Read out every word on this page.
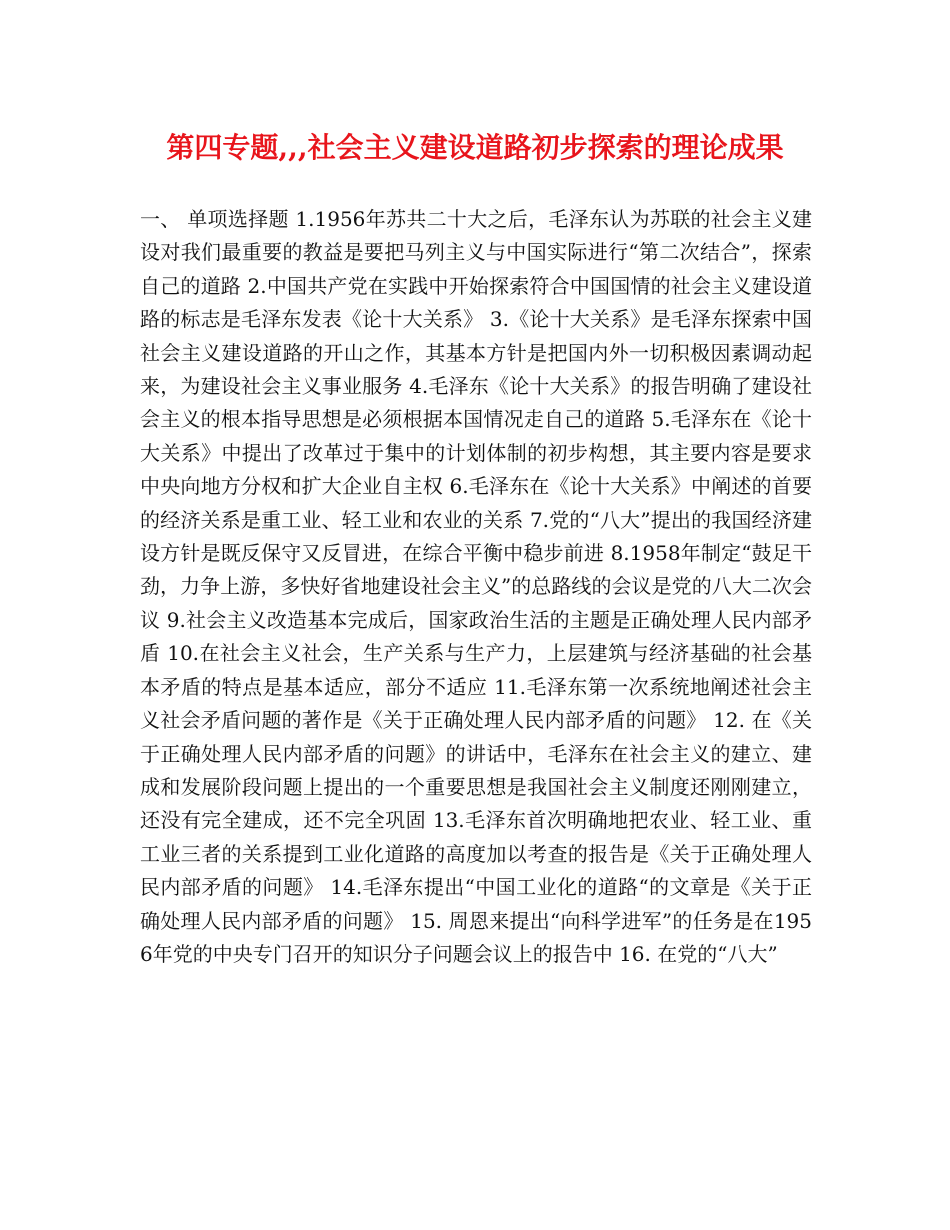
第四专题,,,社会主义建设道路初步探索的理论成果

一、 单项选择题 1.1956年苏共二十大之后，毛泽东认为苏联的社会主义建设对我们最重要的教益是要把马列主义与中国实际进行“第二次结合”，探索自己的道路 2.中国共产党在实践中开始探索符合中国国情的社会主义建设道路的标志是毛泽东发表《论十大关系》 3.《论十大关系》是毛泽东探索中国社会主义建设道路的开山之作，其基本方针是把国内外一切积极因素调动起来，为建设社会主义事业服务 4.毛泽东《论十大关系》的报告明确了建设社会主义的根本指导思想是必须根据本国情况走自己的道路 5.毛泽东在《论十大关系》中提出了改革过于集中的计划体制的初步构想，其主要内容是要求中央向地方分权和扩大企业自主权 6.毛泽东在《论十大关系》中阐述的首要的经济关系是重工业、轻工业和农业的关系 7.党的“八大”提出的我国经济建设方针是既反保守又反冒进，在综合平衡中稳步前进 8.1958年制定“鼓足干劲，力争上游，多快好省地建设社会主义”的总路线的会议是党的八大二次会议 9.社会主义改造基本完成后，国家政治生活的主题是正确处理人民内部矛盾 10.在社会主义社会，生产关系与生产力，上层建筑与经济基础的社会基本矛盾的特点是基本适应，部分不适应 11.毛泽东第一次系统地阐述社会主义社会矛盾问题的著作是《关于正确处理人民内部矛盾的问题》 12. 在《关于正确处理人民内部矛盾的问题》的讲话中，毛泽东在社会主义的建立、建成和发展阶段问题上提出的一个重要思想是我国社会主义制度还刚刚建立，还没有完全建成，还不完全巩固 13.毛泽东首次明确地把农业、轻工业、重工业三者的关系提到工业化道路的高度加以考查的报告是《关于正确处理人民内部矛盾的问题》 14.毛泽东提出“中国工业化的道路“的文章是《关于正确处理人民内部矛盾的问题》 15. 周恩来提出“向科学进军”的任务是在1956年党的中央专门召开的知识分子问题会议上的报告中 16. 在党的“八大”
